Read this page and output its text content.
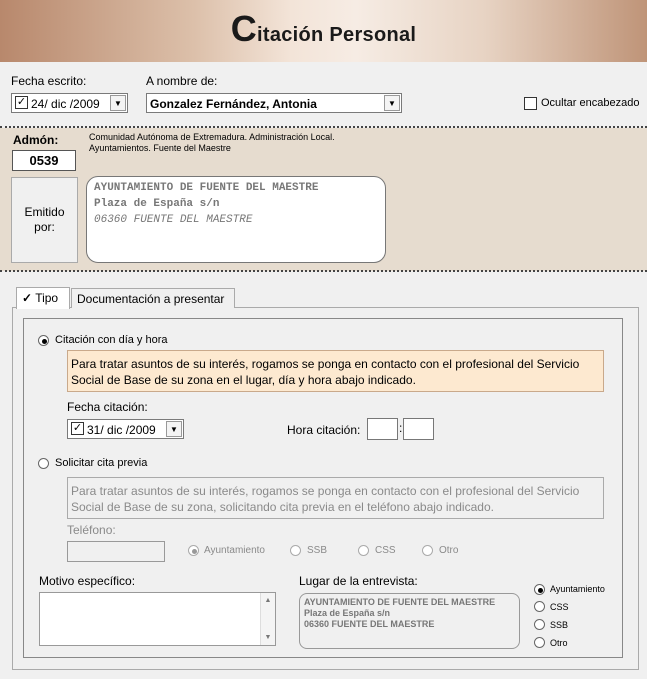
Citación Personal
Fecha escrito:
✓ 24/ dic /2009	▼
A nombre de:
Gonzalez Fernández, Antonia	▼	Ocultar encabezado
Admón:
0539
Comunidad Autónoma de Extremadura. Administración Local.
Ayuntamientos. Fuente del Maestre
Emitido
por:
AYUNTAMIENTO DE FUENTE DEL MAESTRE
Plaza de España s/n
06360 FUENTE DEL MAESTRE
✓ Tipo	Documentación a presentar
Citación con día y hora
Para tratar asuntos de su interés, rogamos se ponga en contacto con el profesional del Servicio Social de Base de su zona en el lugar, día y hora abajo indicado.
Fecha citación:
✓ 31/ dic /2009	▼	Hora citación:	:
Solicitar cita previa
Para tratar asuntos de su interés, rogamos se ponga en contacto con el profesional del Servicio Social de Base de su zona, solicitando cita previa en el teléfono abajo indicado.
Teléfono:
Ayuntamiento	SSB	CSS	Otro
Motivo específico:
▲
▼
Lugar de la entrevista:
AYUNTAMIENTO DE FUENTE DEL MAESTRE
Plaza de España s/n
06360 FUENTE DEL MAESTRE
Ayuntamiento
CSS
SSB
Otro
